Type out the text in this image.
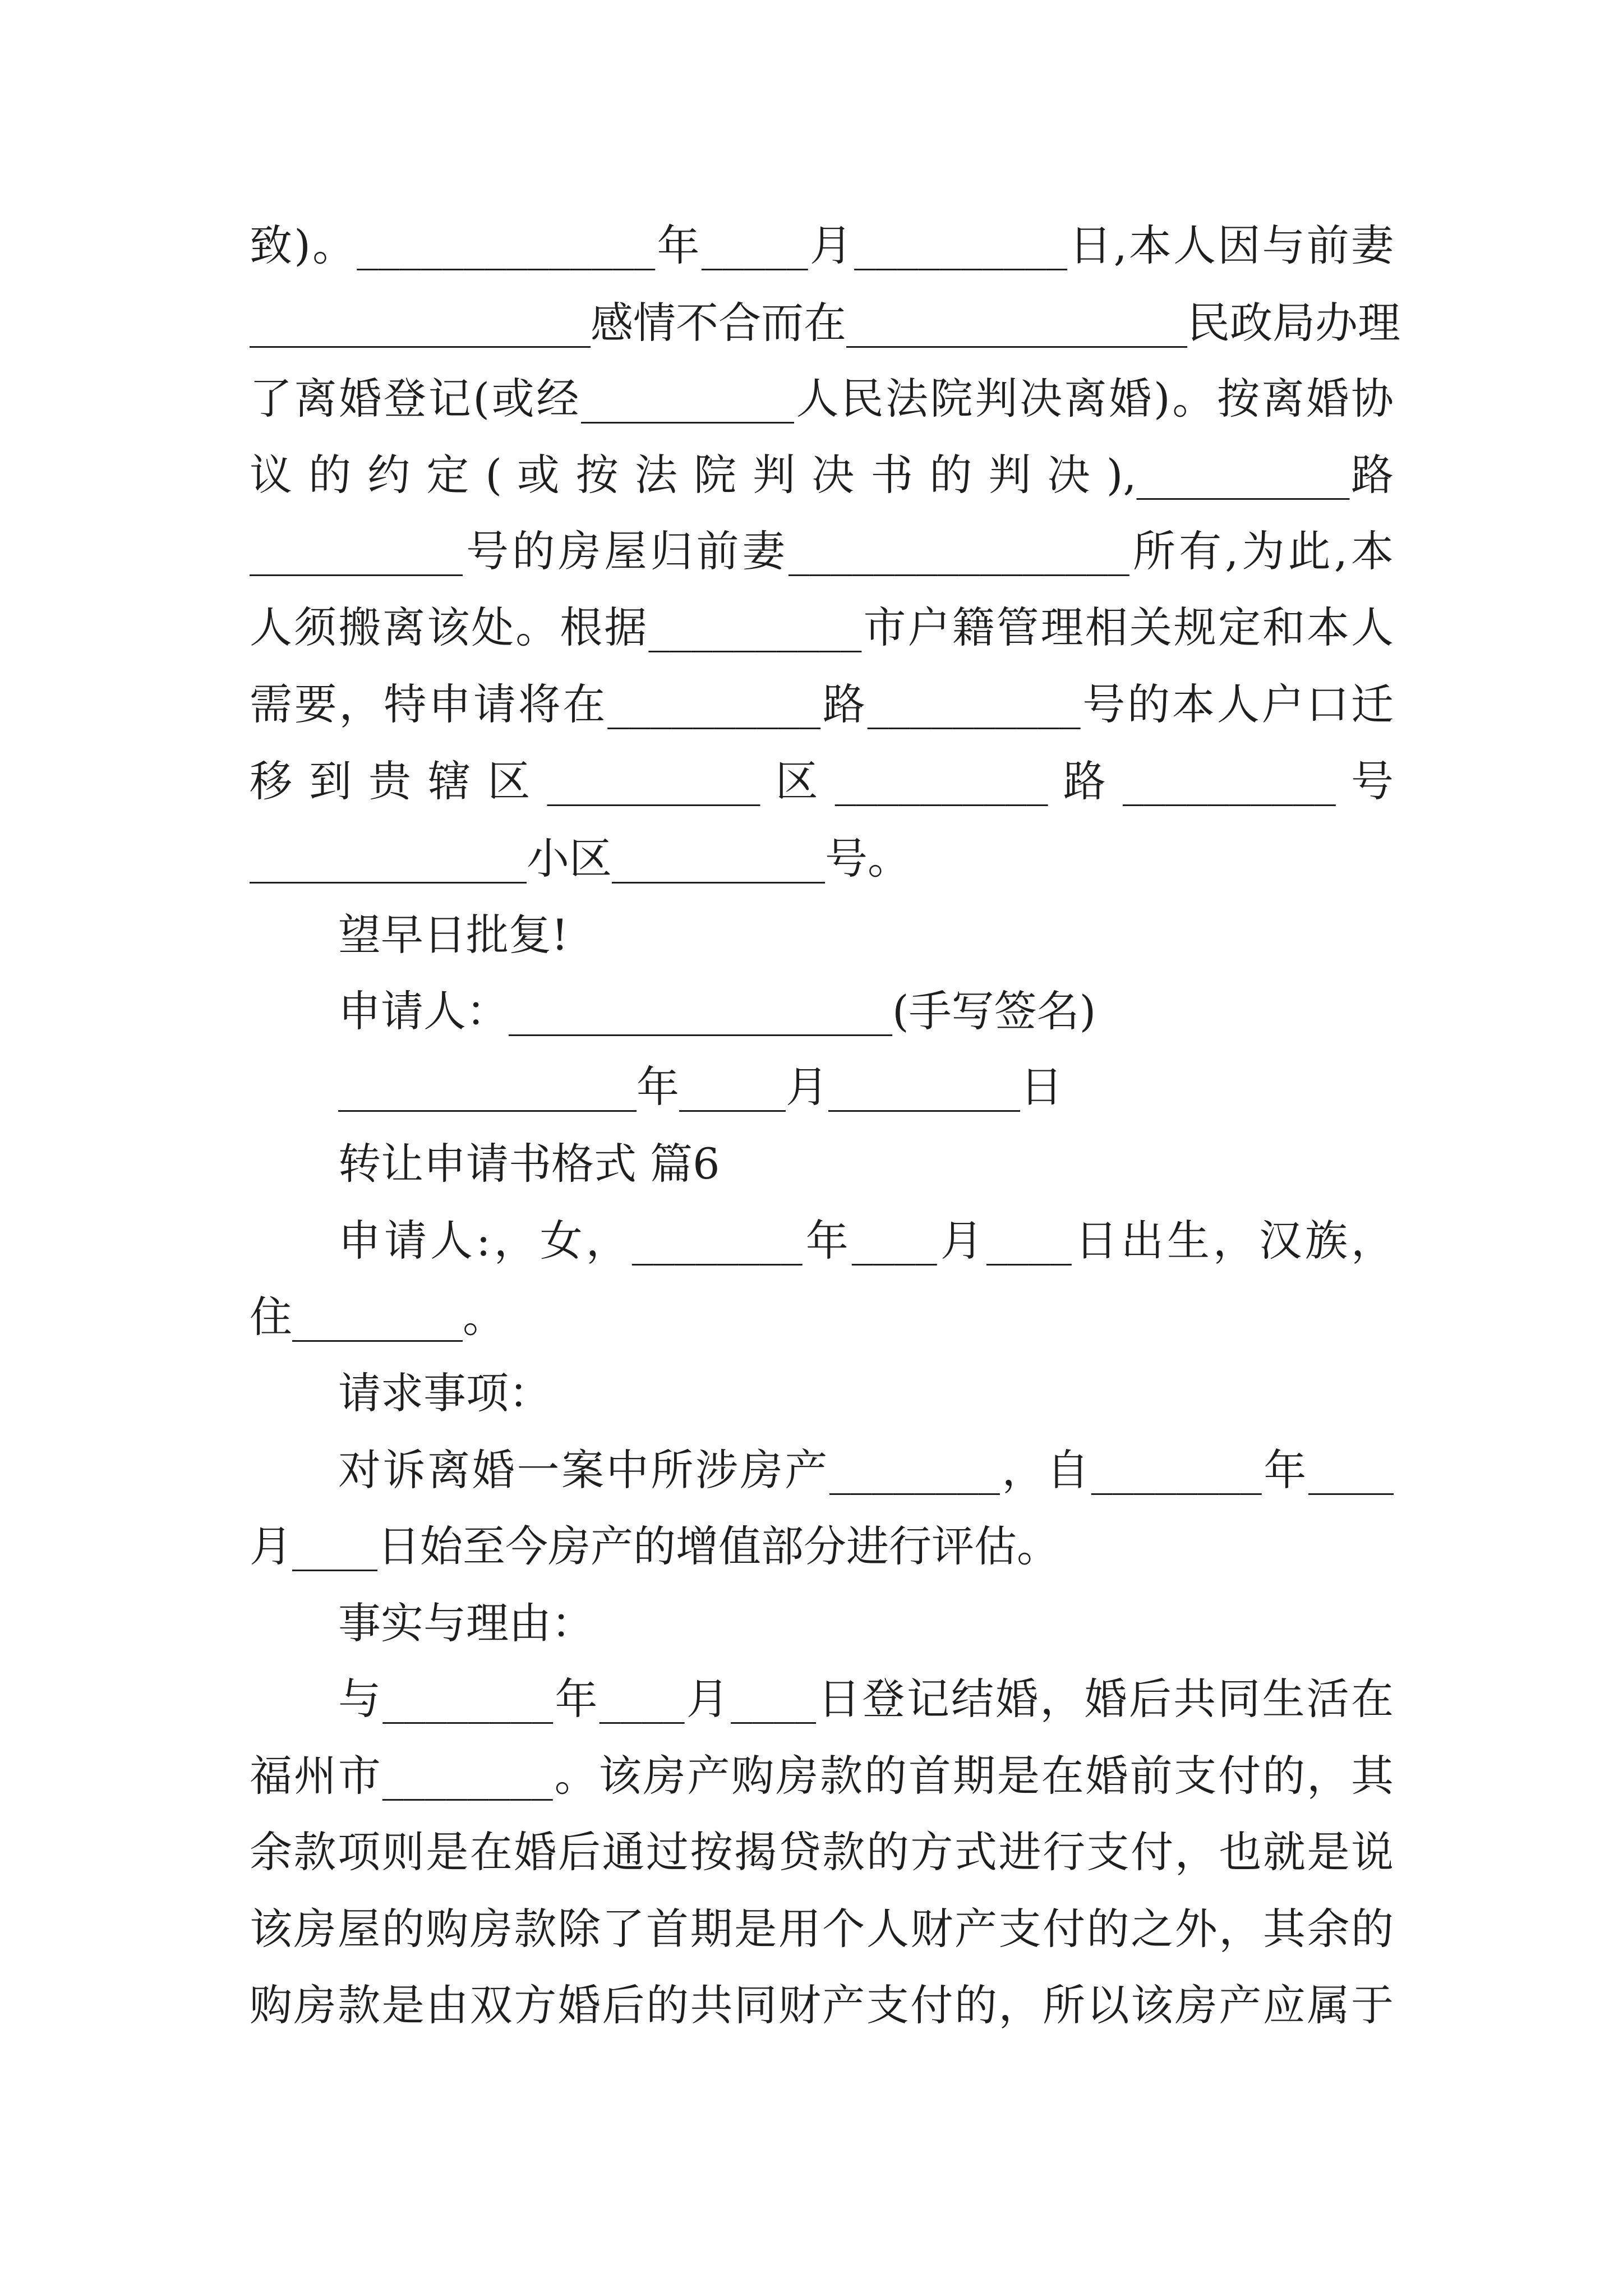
致)。______________年_____月__________日,本人因与前妻
________________感情不合而在________________民政局办理
了离婚登记(或经__________人民法院判决离婚)。按离婚协
议 的 约 定 ( 或 按 法 院 判 决 书 的 判 决 ),__________路
__________号的房屋归前妻________________所有,为此,本
人须搬离该处。根据__________市户籍管理相关规定和本人
需要，特申请将在__________路__________号的本人户口迁
移 到 贵 辖 区 __________ 区 __________ 路 __________ 号
_____________小区__________号。
望早日批复!
申请人：__________________(手写签名)
______________年_____月_________日
转让申请书格式 篇6
申请人:，女，________年____月____日出生，汉族，
住________。
请求事项：
对诉离婚一案中所涉房产________，自________年____
月____日始至今房产的增值部分进行评估。
事实与理由：
与________年____月____日登记结婚，婚后共同生活在
福州市________。该房产购房款的首期是在婚前支付的，其
余款项则是在婚后通过按揭贷款的方式进行支付，也就是说
该房屋的购房款除了首期是用个人财产支付的之外，其余的
购房款是由双方婚后的共同财产支付的，所以该房产应属于
